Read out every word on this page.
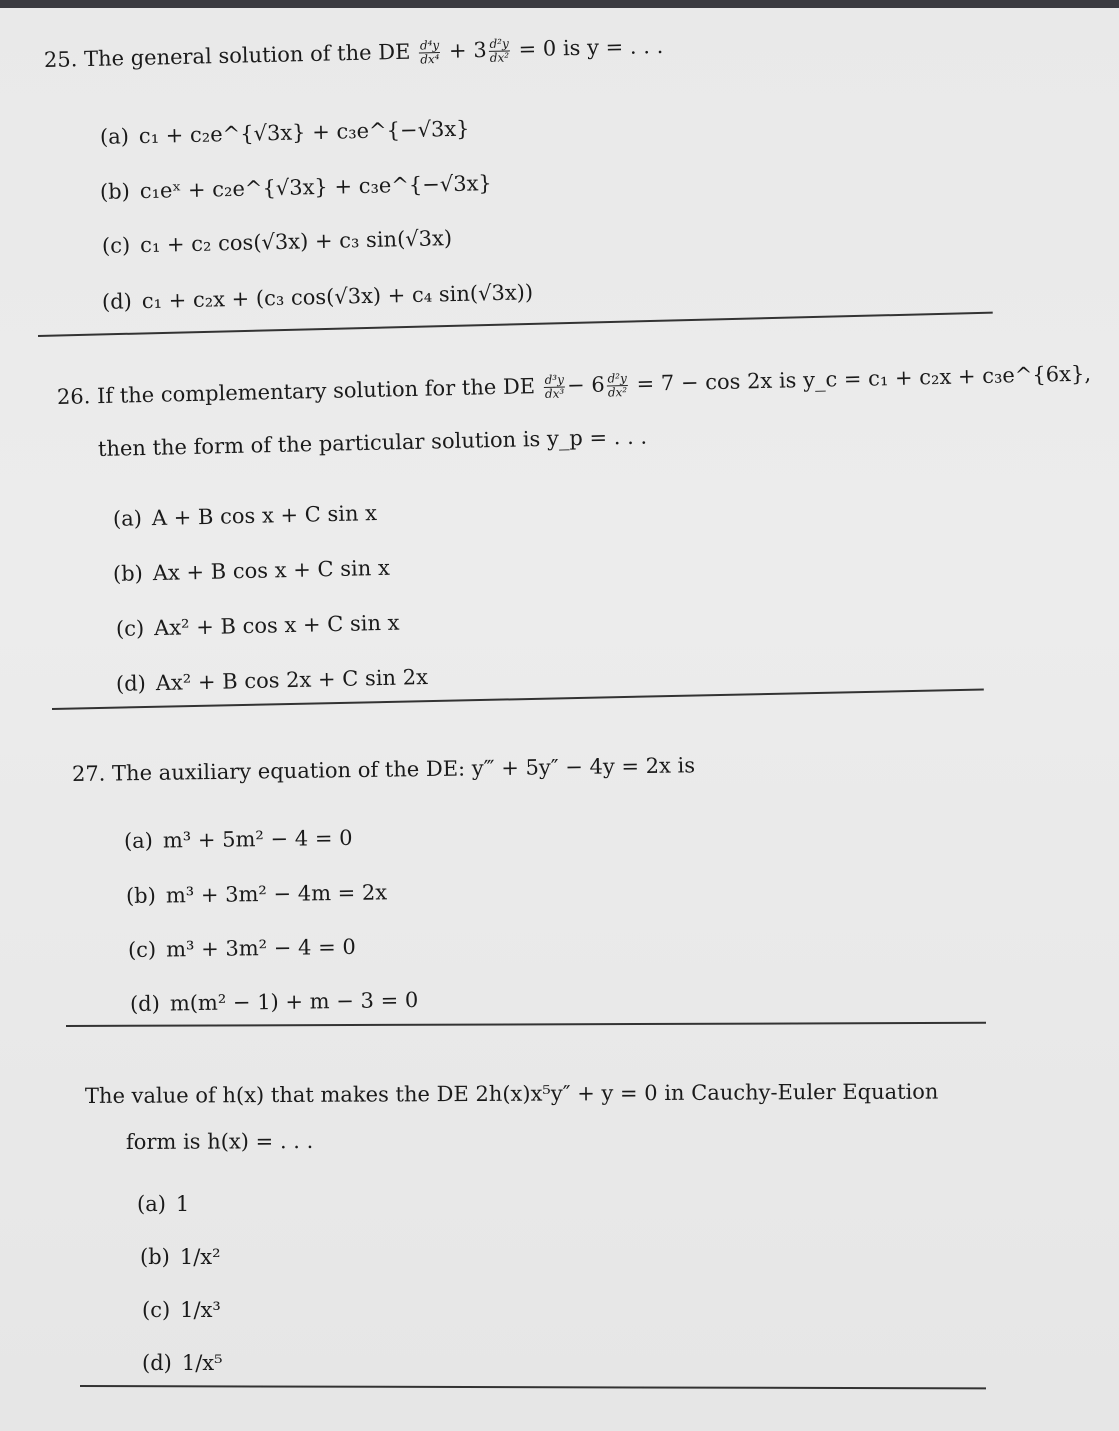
25. The general solution of the DE $\frac{\text{d⁴y}}{\text{dx⁴}} + 3 \frac{\text{d²y}}{\text{dx²}} = 0$ is y = . . .
(a) c₁ + c₂e^{√3x} + c₃e^{−√3x}
(b) c₁eˣ + c₂e^{√3x} + c₃e^{−√3x}
(c) c₁ + c₂ cos(√3x) + c₃ sin(√3x)
(d) c₁ + c₂x + (c₃ cos(√3x) + c₄ sin(√3x))
26. If the complementary solution for the DE $\frac{\text{d³y}}{\text{dx³}} - 6 \frac{\text{d²y}}{\text{dx²}} = 7 - \cos 2x$ is y_c = c₁ + c₂x + c₃e^{6x},
then the form of the particular solution is y_p = . . .
(a) A + B cos x + C sin x
(b) Ax + B cos x + C sin x
(c) Ax² + B cos x + C sin x
(d) Ax² + B cos 2x + C sin 2x
27. The auxiliary equation of the DE: y‴ + 5y″ − 4y = 2x is
(a) m³ + 5m² − 4 = 0
(b) m³ + 3m² − 4m = 2x
(c) m³ + 3m² − 4 = 0
(d) m(m² − 1) + m − 3 = 0
The value of h(x) that makes the DE 2h(x)x⁵y″ + y = 0 in Cauchy-Euler Equation
form is h(x) = . . .
(a) 1
(b) 1/x²
(c) 1/x³
(d) 1/x⁵
